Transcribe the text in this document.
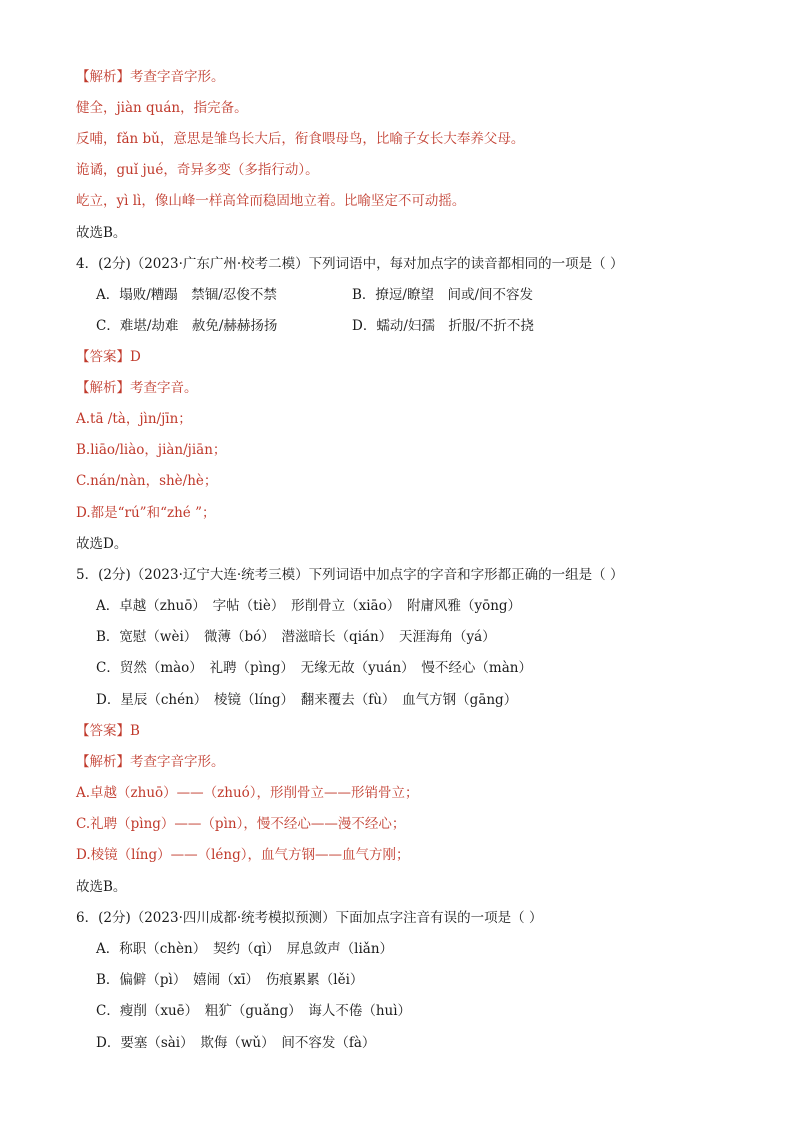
【解析】考查字音字形。
健全，jiàn quán，指完备。
反哺，fǎn bǔ，意思是雏鸟长大后，衔食喂母鸟，比喻子女长大奉养父母。
诡谲，guǐ jué，奇异多变（多指行动）。
屹立，yì lì，像山峰一样高耸而稳固地立着。比喻坚定不可动摇。
故选B。
4．(2分)（2023·广东广州·校考二模）下列词语中，每对加点字的读音都相同的一项是（ ）
A．塌败/糟蹋　禁锢/忍俊不禁	B．撩逗/瞭望　间或/间不容发
C．难堪/劫难　赦免/赫赫扬扬	D．蠕动/妇孺　折服/不折不挠
【答案】D
【解析】考查字音。
A.tā /tà，jìn/jīn；
B.liāo/liào，jiàn/jiān；
C.nán/nàn，shè/hè；
D.都是“rú”和“zhé ”；
故选D。
5．(2分)（2023·辽宁大连·统考三模）下列词语中加点字的字音和字形都正确的一组是（ ）
A．卓越（zhuō）　字帖（tiè）　形削骨立（xiāo）　附庸风雅（yōng）
B．宽慰（wèi）　微薄（bó）　潜滋暗长（qián）　天涯海角（yá）
C．贸然（mào）　礼聘（pìng）　无缘无故（yuán）　慢不经心（màn）
D．星辰（chén）　棱镜（líng）　翻来覆去（fù）　血气方钢（gāng）
【答案】B
【解析】考查字音字形。
A.卓越（zhuō）——（zhuó），形削骨立——形销骨立；
C.礼聘（pìng）——（pìn），慢不经心——漫不经心；
D.棱镜（líng）——（léng），血气方钢——血气方刚；
故选B。
6．(2分)（2023·四川成都·统考模拟预测）下面加点字注音有误的一项是（ ）
A．称职（chèn）　契约（qì）　屏息敛声（liǎn）
B．偏僻（pì）　嬉闹（xī）　伤痕累累（lěi）
C．瘦削（xuē）　粗犷（guǎng）　诲人不倦（huì）
D．要塞（sài）　欺侮（wǔ）　间不容发（fà）
